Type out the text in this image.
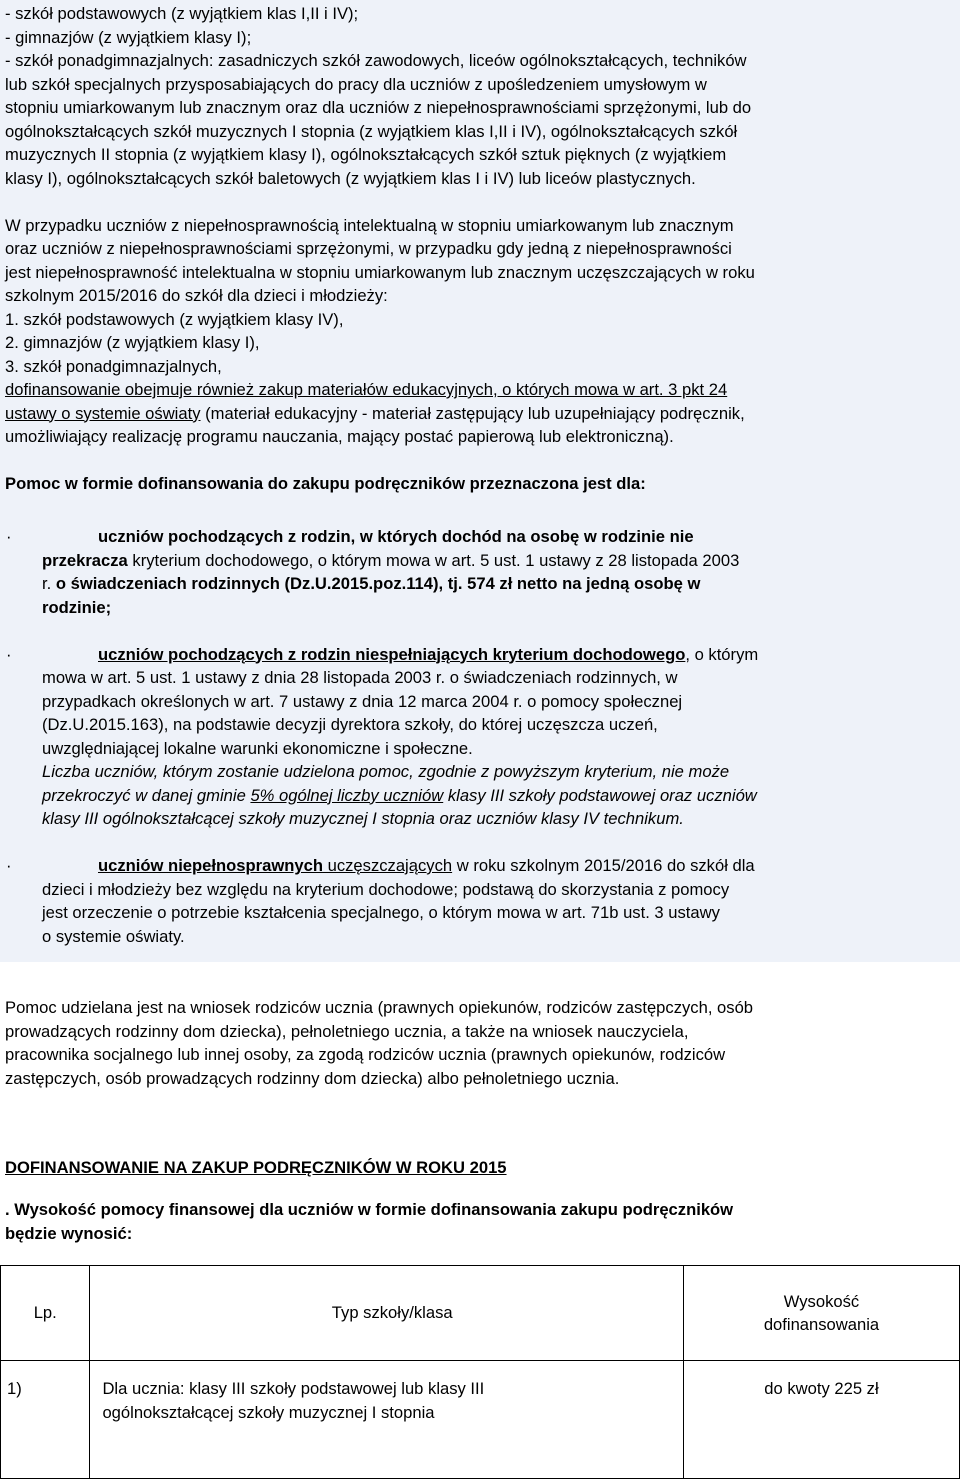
- szkół podstawowych (z wyjątkiem klas I,II i IV);
- gimnazjów (z wyjątkiem klasy I);
- szkół ponadgimnazjalnych: zasadniczych szkół zawodowych, liceów ogólnokształcących, techników
lub szkół specjalnych przysposabiających do pracy dla uczniów z upośledzeniem umysłowym w
stopniu umiarkowanym lub znacznym oraz dla uczniów z niepełnosprawnościami sprzężonymi, lub do
ogólnokształcących szkół muzycznych I stopnia (z wyjątkiem klas I,II i IV), ogólnokształcących szkół
muzycznych II stopnia (z wyjątkiem klasy I), ogólnokształcących szkół sztuk pięknych (z wyjątkiem
klasy I), ogólnokształcących szkół baletowych (z wyjątkiem klas I i IV) lub liceów plastycznych.
W przypadku uczniów z niepełnosprawnością intelektualną w stopniu umiarkowanym lub znacznym
oraz uczniów z niepełnosprawnościami sprzężonymi, w przypadku gdy jedną z niepełnosprawności
jest niepełnosprawność intelektualna w stopniu umiarkowanym lub znacznym uczęszczających w roku
szkolnym 2015/2016 do szkół dla dzieci i młodzieży:
1. szkół podstawowych (z wyjątkiem klasy IV),
2. gimnazjów (z wyjątkiem klasy I),
3. szkół ponadgimnazjalnych,
dofinansowanie obejmuje również zakup materiałów edukacyjnych, o których mowa w art. 3 pkt 24
ustawy o systemie oświaty (materiał edukacyjny - materiał zastępujący lub uzupełniający podręcznik,
umożliwiający realizację programu nauczania, mający postać papierową lub elektroniczną).
Pomoc w formie dofinansowania do zakupu podręczników przeznaczona jest dla:
uczniów pochodzących z rodzin, w których dochód na osobę w rodzinie nie
przekracza kryterium dochodowego, o którym mowa w art. 5 ust. 1 ustawy z 28 listopada 2003
r. o świadczeniach rodzinnych (Dz.U.2015.poz.114), tj. 574 zł netto na jedną osobę w
rodzinie;
uczniów pochodzących z rodzin niespełniających kryterium dochodowego, o którym
mowa w art. 5 ust. 1 ustawy z dnia 28 listopada 2003 r. o świadczeniach rodzinnych, w
przypadkach określonych w art. 7 ustawy z dnia 12 marca 2004 r. o pomocy społecznej
(Dz.U.2015.163), na podstawie decyzji dyrektora szkoły, do której uczęszcza uczeń,
uwzględniającej lokalne warunki ekonomiczne i społeczne.
Liczba uczniów, którym zostanie udzielona pomoc, zgodnie z powyższym kryterium, nie może
przekroczyć w danej gminie 5% ogólnej liczby uczniów klasy III szkoły podstawowej oraz uczniów
klasy III ogólnokształcącej szkoły muzycznej I stopnia oraz uczniów klasy IV technikum.
uczniów niepełnosprawnych uczęszczających w roku szkolnym 2015/2016 do szkół dla
dzieci i młodzieży bez względu na kryterium dochodowe; podstawą do skorzystania z pomocy
jest orzeczenie o potrzebie kształcenia specjalnego, o którym mowa w art. 71b ust. 3 ustawy
o systemie oświaty.
Pomoc udzielana jest na wniosek rodziców ucznia (prawnych opiekunów, rodziców zastępczych, osób
prowadzących rodzinny dom dziecka), pełnoletniego ucznia, a także na wniosek nauczyciela,
pracownika socjalnego lub innej osoby, za zgodą rodziców ucznia (prawnych opiekunów, rodziców
zastępczych, osób prowadzących rodzinny dom dziecka) albo pełnoletniego ucznia.
DOFINANSOWANIE NA ZAKUP PODRĘCZNIKÓW W ROKU 2015
. Wysokość pomocy finansowej dla uczniów w formie dofinansowania zakupu podręczników
będzie wynosić:
Lp.	Typ szkoły/klasa	Wysokość
dofinansowania

1)	Dla ucznia: klasy III szkoły podstawowej lub klasy III
ogólnokształcącej szkoły muzycznej I stopnia	do kwoty 225 zł
